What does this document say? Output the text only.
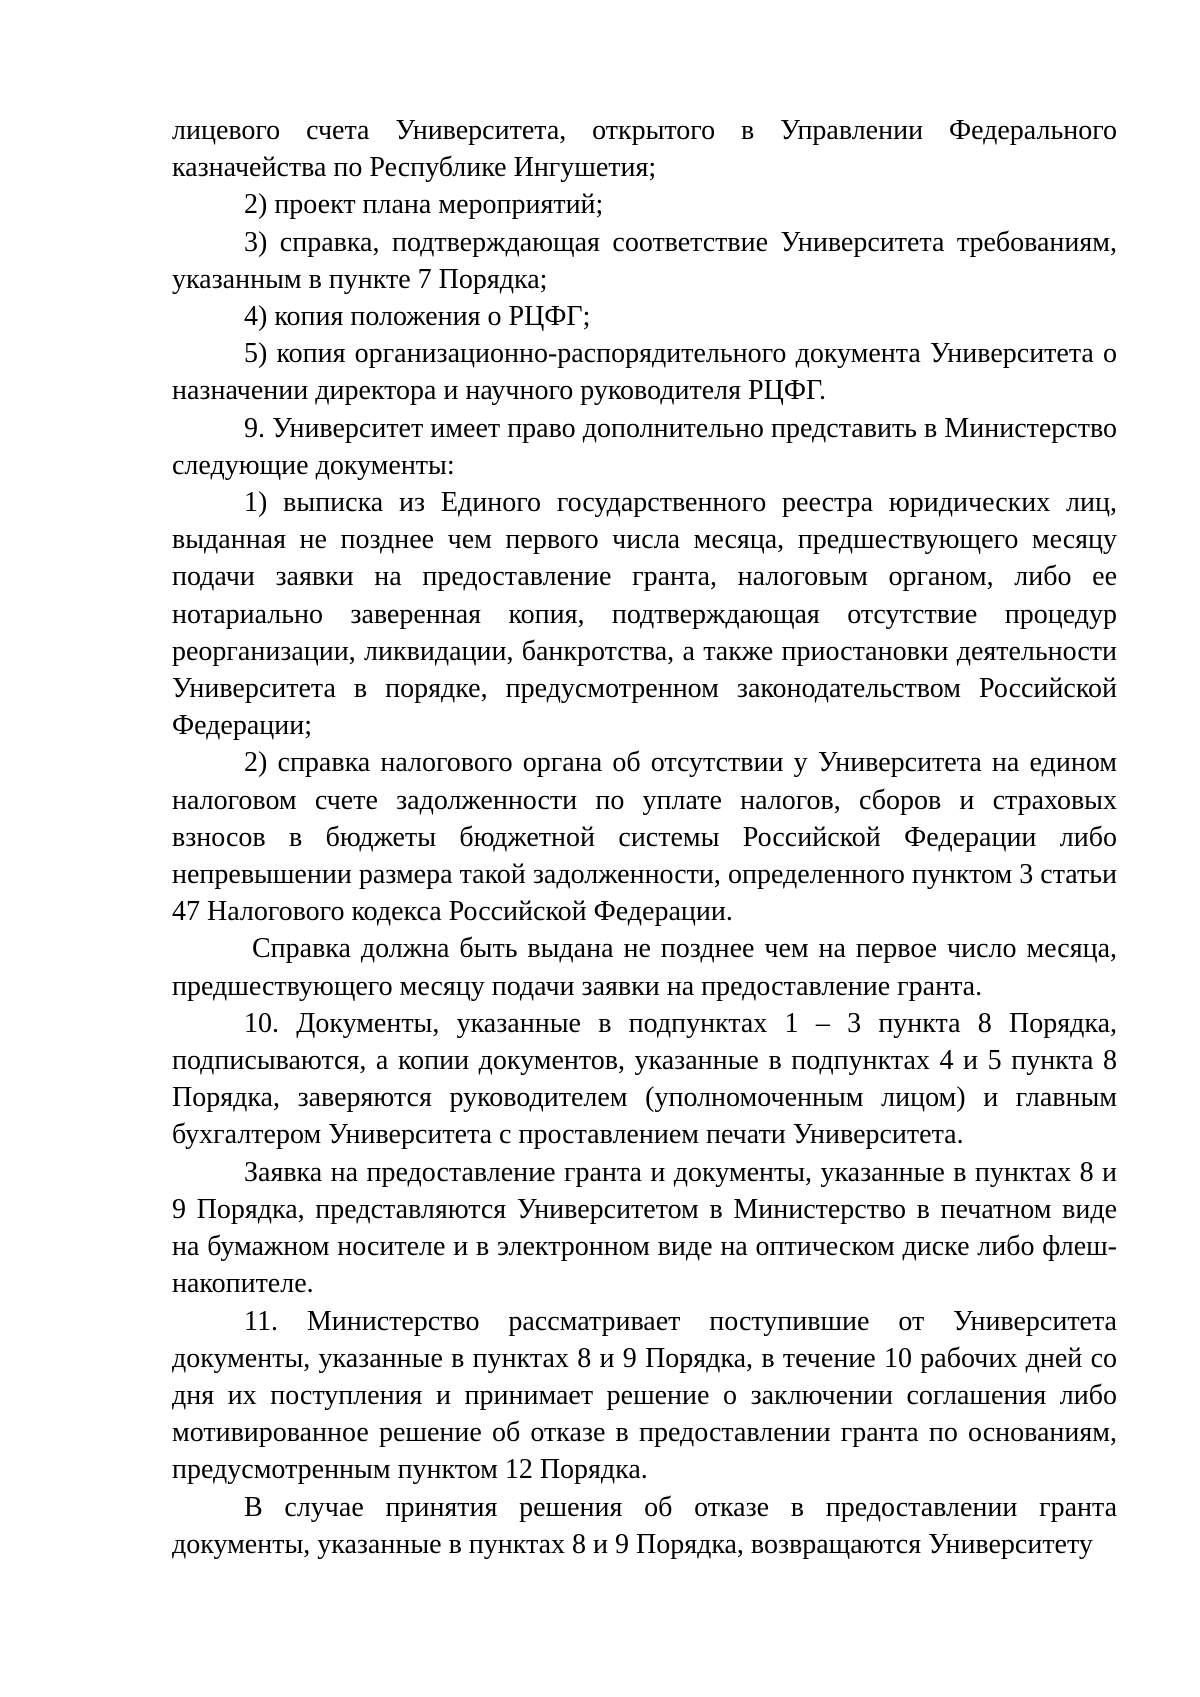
лицевого счета Университета, открытого в Управлении Федерального казначейства по Республике Ингушетия;

2) проект плана мероприятий;

3) справка, подтверждающая соответствие Университета требованиям, указанным в пункте 7 Порядка;

4) копия положения о РЦФГ;

5) копия организационно-распорядительного документа Университета о назначении директора и научного руководителя РЦФГ.

9. Университет имеет право дополнительно представить в Министерство следующие документы:

1) выписка из Единого государственного реестра юридических лиц, выданная не позднее чем первого числа месяца, предшествующего месяцу подачи заявки на предоставление гранта, налоговым органом, либо ее нотариально заверенная копия, подтверждающая отсутствие процедур реорганизации, ликвидации, банкротства, а также приостановки деятельности Университета в порядке, предусмотренном законодательством Российской Федерации;

2) справка налогового органа об отсутствии у Университета на едином налоговом счете задолженности по уплате налогов, сборов и страховых взносов в бюджеты бюджетной системы Российской Федерации либо непревышении размера такой задолженности, определенного пунктом 3 статьи 47 Налогового кодекса Российской Федерации.

Справка должна быть выдана не позднее чем на первое число месяца, предшествующего месяцу подачи заявки на предоставление гранта.

10. Документы, указанные в подпунктах 1 – 3 пункта 8 Порядка, подписываются, а копии документов, указанные в подпунктах 4 и 5 пункта 8 Порядка, заверяются руководителем (уполномоченным лицом) и главным бухгалтером Университета с проставлением печати Университета.

Заявка на предоставление гранта и документы, указанные в пунктах 8 и 9 Порядка, представляются Университетом в Министерство в печатном виде на бумажном носителе и в электронном виде на оптическом диске либо флеш-накопителе.

11. Министерство рассматривает поступившие от Университета документы, указанные в пунктах 8 и 9 Порядка, в течение 10 рабочих дней со дня их поступления и принимает решение о заключении соглашения либо мотивированное решение об отказе в предоставлении гранта по основаниям, предусмотренным пунктом 12 Порядка.

В случае принятия решения об отказе в предоставлении гранта документы, указанные в пунктах 8 и 9 Порядка, возвращаются Университету
